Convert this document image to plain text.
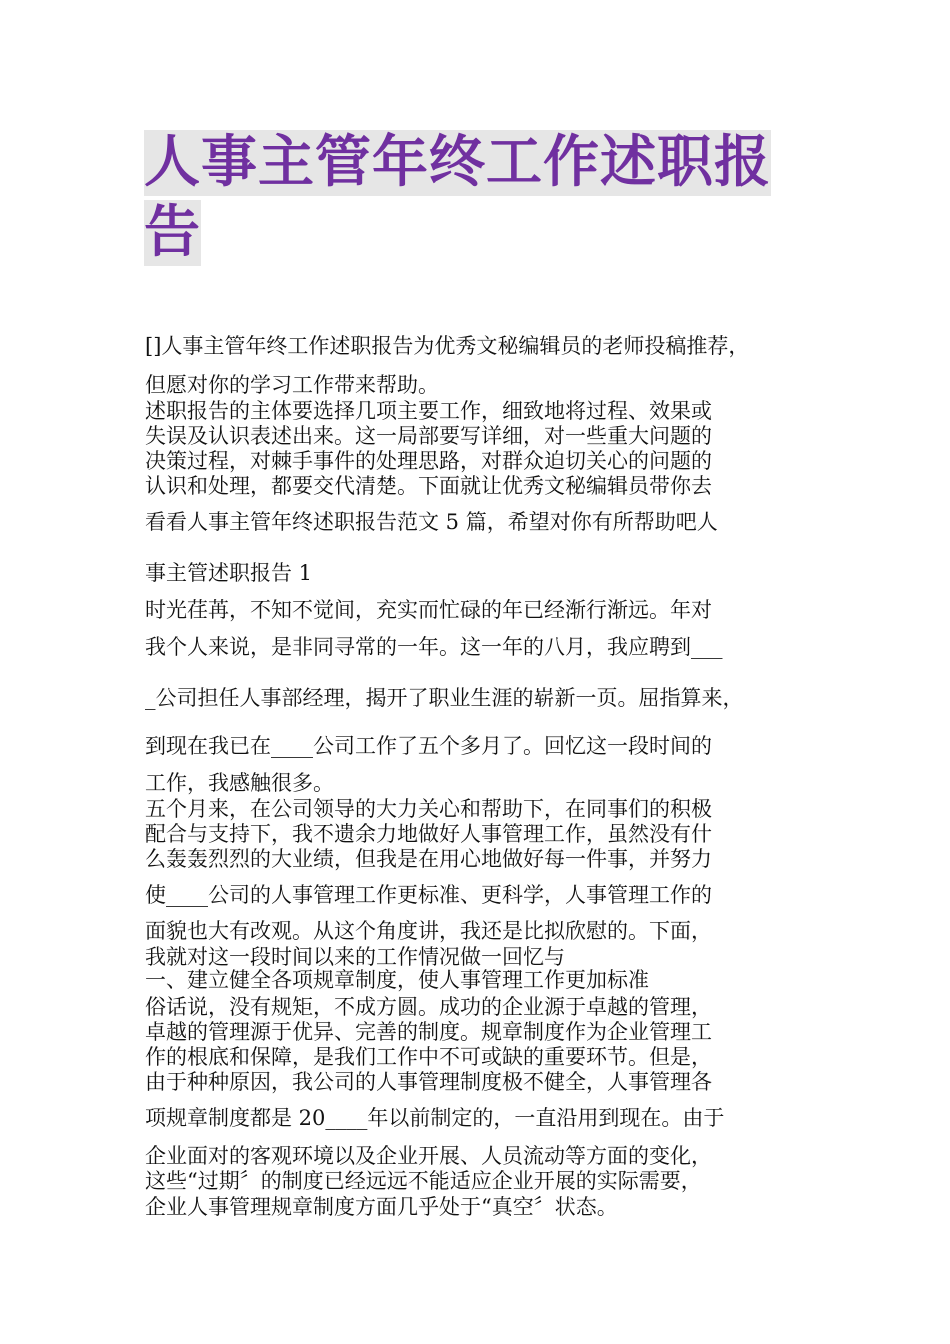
人事主管年终工作述职报
告
[]人事主管年终工作述职报告为优秀文秘编辑员的老师投稿推荐，
但愿对你的学习工作带来帮助。
述职报告的主体要选择几项主要工作，细致地将过程、效果或
失误及认识表述出来。这一局部要写详细，对一些重大问题的
决策过程，对棘手事件的处理思路，对群众迫切关心的问题的
认识和处理，都要交代清楚。下面就让优秀文秘编辑员带你去
看看人事主管年终述职报告范文 5 篇，希望对你有所帮助吧人
事主管述职报告 1
时光荏苒，不知不觉间，充实而忙碌的年已经渐行渐远。年对
我个人来说，是非同寻常的一年。这一年的八月，我应聘到___
_公司担任人事部经理，揭开了职业生涯的崭新一页。屈指算来，
到现在我已在____公司工作了五个多月了。回忆这一段时间的
工作，我感触很多。
五个月来，在公司领导的大力关心和帮助下，在同事们的积极
配合与支持下，我不遗余力地做好人事管理工作，虽然没有什
么轰轰烈烈的大业绩，但我是在用心地做好每一件事，并努力
使____公司的人事管理工作更标准、更科学，人事管理工作的
面貌也大有改观。从这个角度讲，我还是比拟欣慰的。下面，
我就对这一段时间以来的工作情况做一回忆与
一、建立健全各项规章制度，使人事管理工作更加标准
俗话说，没有规矩，不成方圆。成功的企业源于卓越的管理，
卓越的管理源于优异、完善的制度。规章制度作为企业管理工
作的根底和保障，是我们工作中不可或缺的重要环节。但是，
由于种种原因，我公司的人事管理制度极不健全，人事管理各
项规章制度都是 20____年以前制定的，一直沿用到现在。由于
企业面对的客观环境以及企业开展、人员流动等方面的变化，
这些“过期〞的制度已经远远不能适应企业开展的实际需要，
企业人事管理规章制度方面几乎处于“真空〞状态。
